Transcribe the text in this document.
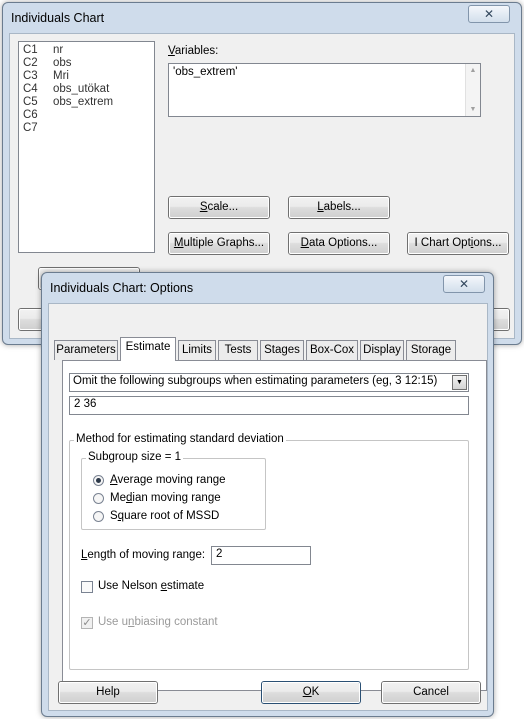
Individuals Chart	✕
C1 nr
C2 obs
C3 Mri
C4 obs_utökat
C5 obs_extrem
C6
C7
Variables:
'obs_extrem'	▲
▼
Scale...	Labels...
Multiple Graphs...	Data Options...	I Chart Options...
Individuals Chart: Options	✕
Parameters Estimate	Limits	Tests	Stages Box-Cox Display Storage
Omit the following subgroups when estimating parameters (eg, 3 12:15)	▼
2 36
Method for estimating standard deviation
Subgroup size = 1
Average moving range
Median moving range
Square root of MSSD
Length of moving range: 2
Use Nelson estimate
✓ Use unbiasing constant
Help	OK	Cancel
